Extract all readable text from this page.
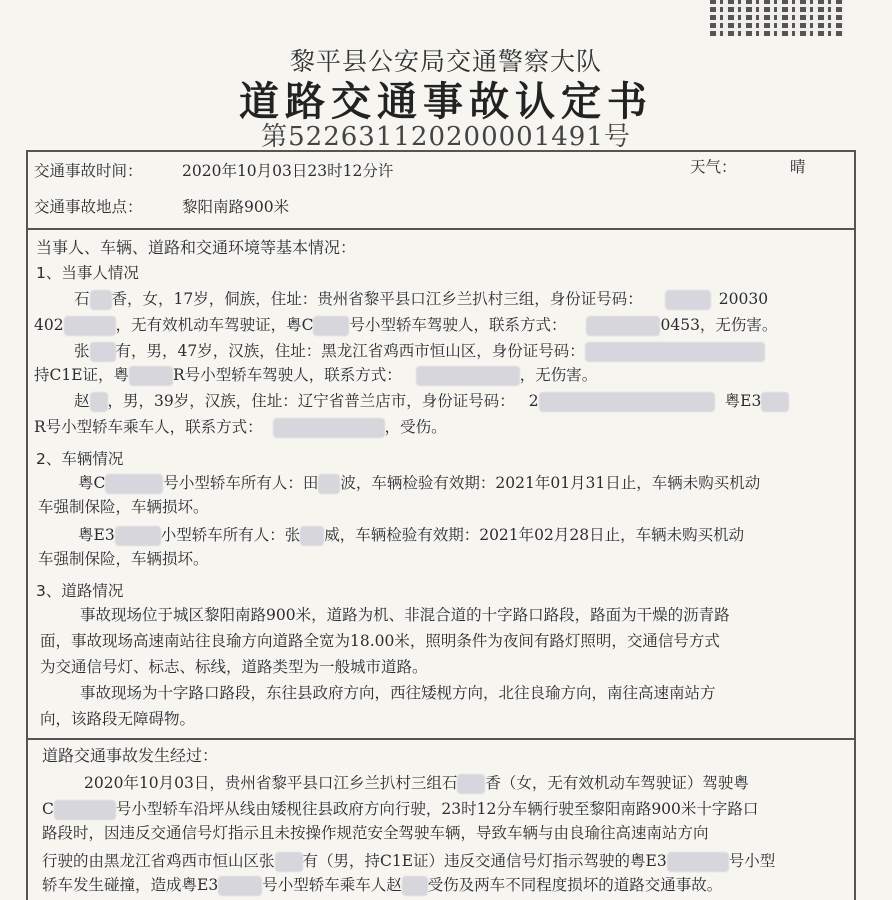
黎平县公安局交通警察大队
道路交通事故认定书
第522631120200001491号
交通事故时间：	2020年10月03日23时12分许	天气：	晴
交通事故地点：	黎阳南路900米
当事人、车辆、道路和交通环境等基本情况：
1、当事人情况
石 香，女，17岁，侗族，住址：贵州省黎平县口江乡兰扒村三组，身份证号码：	20030
402	，无有效机动车驾驶证，粤C 号小型轿车驾驶人，联系方式：	0453，无伤害。
张 有，男，47岁，汉族，住址：黑龙江省鸡西市恒山区，身份证号码：
持C1E证，粤	R号小型轿车驾驶人，联系方式：	，无伤害。
赵 ，男，39岁，汉族，住址：辽宁省普兰店市，身份证号码： 2	粤E3
R号小型轿车乘车人，联系方式：	，受伤。
2、车辆情况
粤C	号小型轿车所有人：田 波，车辆检验有效期：2021年01月31日止，车辆未购买机动
车强制保险，车辆损坏。
粤E3	小型轿车所有人：张 威，车辆检验有效期：2021年02月28日止，车辆未购买机动
车强制保险，车辆损坏。
3、道路情况
事故现场位于城区黎阳南路900米，道路为机、非混合道的十字路口路段，路面为干燥的沥青路
面，事故现场高速南站往良瑜方向道路全宽为18.00米，照明条件为夜间有路灯照明，交通信号方式
为交通信号灯、标志、标线，道路类型为一般城市道路。
事故现场为十字路口路段，东往县政府方向，西往矮枧方向，北往良瑜方向，南往高速南站方
向，该路段无障碍物。
道路交通事故发生经过：
2020年10月03日，贵州省黎平县口江乡兰扒村三组石 香（女，无有效机动车驾驶证）驾驶粤
C	号小型轿车沿坪从线由矮枧往县政府方向行驶，23时12分车辆行驶至黎阳南路900米十字路口
路段时，因违反交通信号灯指示且未按操作规范安全驾驶车辆，导致车辆与由良瑜往高速南站方向
行驶的由黑龙江省鸡西市恒山区张 有（男，持C1E证）违反交通信号灯指示驾驶的粤E3	号小型
轿车发生碰撞，造成粤E3	号小型轿车乘车人赵 受伤及两车不同程度损坏的道路交通事故。
